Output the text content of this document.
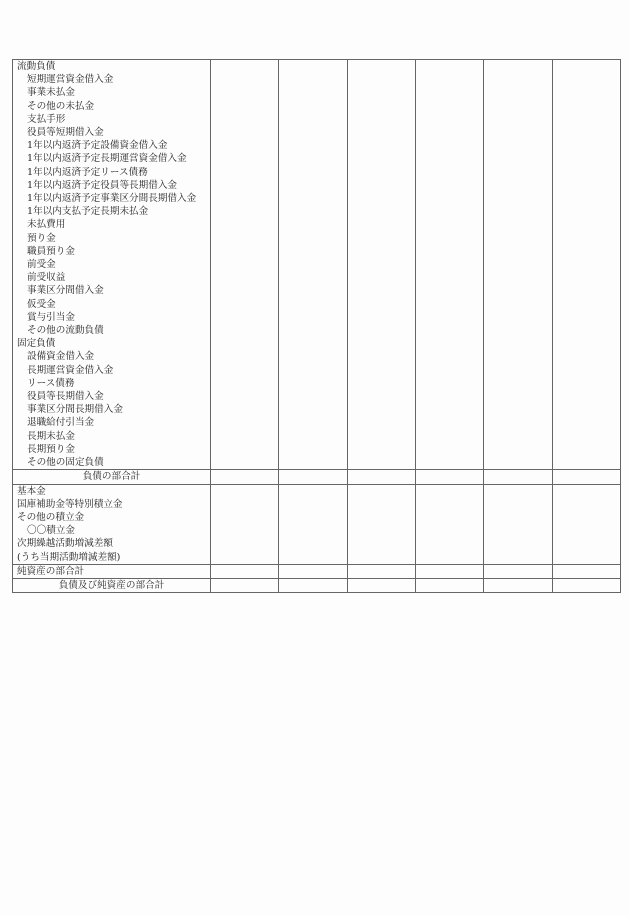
流動負債						
短期運営資金借入金						
事業未払金						
その他の未払金						
支払手形						
役員等短期借入金						
1年以内返済予定設備資金借入金						
1年以内返済予定長期運営資金借入金						
1年以内返済予定リース債務						
1年以内返済予定役員等長期借入金						
1年以内返済予定事業区分間長期借入金						
1年以内支払予定長期未払金						
未払費用						
預り金						
職員預り金						
前受金						
前受収益						
事業区分間借入金						
仮受金						
賞与引当金						
その他の流動負債						
固定負債						
設備資金借入金						
長期運営資金借入金						
リース債務						
役員等長期借入金						
事業区分間長期借入金						
退職給付引当金						
長期未払金						
長期預り金						
その他の固定負債						
負債の部合計						
基本金						
国庫補助金等特別積立金						
その他の積立金						
〇〇積立金						
次期繰越活動増減差額						
(うち当期活動増減差額)						
純資産の部合計						
負債及び純資産の部合計						
